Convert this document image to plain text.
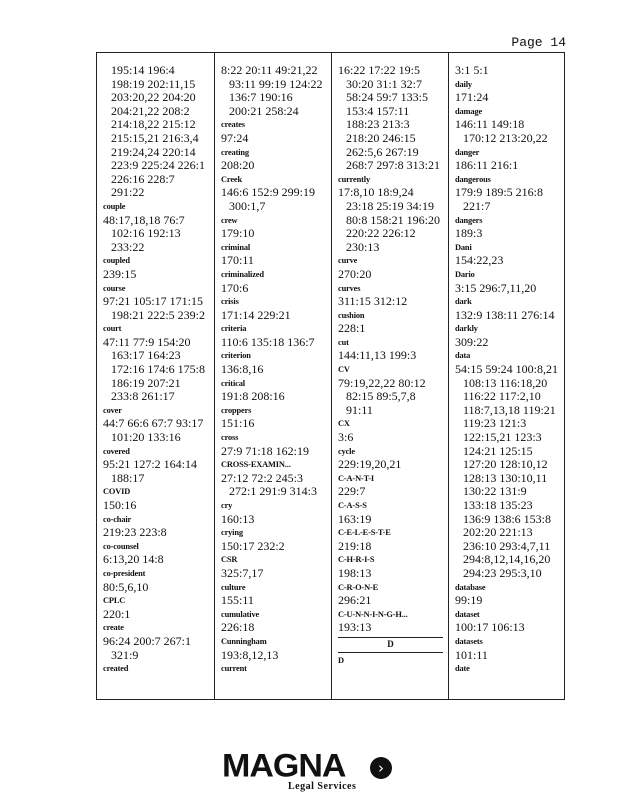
Page 14
195:14 196:4
198:19 202:11,15
203:20,22 204:20
204:21,22 208:2
214:18,22 215:12
215:15,21 216:3,4
219:24,24 220:14
223:9 225:24 226:1
226:16 228:7
291:22
couple
48:17,18,18 76:7
102:16 192:13
233:22
coupled
239:15
course
97:21 105:17 171:15
198:21 222:5 239:2
court
47:11 77:9 154:20
163:17 164:23
172:16 174:6 175:8
186:19 207:21
233:8 261:17
cover
44:7 66:6 67:7 93:17
101:20 133:16
covered
95:21 127:2 164:14
188:17
COVID
150:16
co-chair
219:23 223:8
co-counsel
6:13,20 14:8
co-president
80:5,6,10
CPLC
220:1
create
96:24 200:7 267:1
321:9
created
8:22 20:11 49:21,22
93:11 99:19 124:22
136:7 190:16
200:21 258:24
creates
97:24
creating
208:20
Creek
146:6 152:9 299:19
300:1,7
crew
179:10
criminal
170:11
criminalized
170:6
crisis
171:14 229:21
criteria
110:6 135:18 136:7
criterion
136:8,16
critical
191:8 208:16
croppers
151:16
cross
27:9 71:18 162:19
CROSS-EXAMIN...
27:12 72:2 245:3
272:1 291:9 314:3
cry
160:13
crying
150:17 232:2
CSR
325:7,17
culture
155:11
cumulative
226:18
Cunningham
193:8,12,13
current
16:22 17:22 19:5
30:20 31:1 32:7
58:24 59:7 133:5
153:4 157:11
188:23 213:3
218:20 246:15
262:5,6 267:19
268:7 297:8 313:21
currently
17:8,10 18:9,24
23:18 25:19 34:19
80:8 158:21 196:20
220:22 226:12
230:13
curve
270:20
curves
311:15 312:12
cushion
228:1
cut
144:11,13 199:3
CV
79:19,22,22 80:12
82:15 89:5,7,8
91:11
CX
3:6
cycle
229:19,20,21
C-A-N-T-I
229:7
C-A-S-S
163:19
C-E-L-E-S-T-E
219:18
C-H-R-I-S
198:13
C-R-O-N-E
296:21
C-U-N-N-I-N-G-H...
193:13
D
D
3:1 5:1
daily
171:24
damage
146:11 149:18
170:12 213:20,22
danger
186:11 216:1
dangerous
179:9 189:5 216:8
221:7
dangers
189:3
Dani
154:22,23
Dario
3:15 296:7,11,20
dark
132:9 138:11 276:14
darkly
309:22
data
54:15 59:24 100:8,21
108:13 116:18,20
116:22 117:2,10
118:7,13,18 119:21
119:23 121:3
122:15,21 123:3
124:21 125:15
127:20 128:10,12
128:13 130:10,11
130:22 131:9
133:18 135:23
136:9 138:6 153:8
202:20 221:13
236:10 293:4,7,11
294:8,12,14,16,20
294:23 295:3,10
database
99:19
dataset
100:17 106:13
datasets
101:11
date
MAGNA	›
Legal Services
